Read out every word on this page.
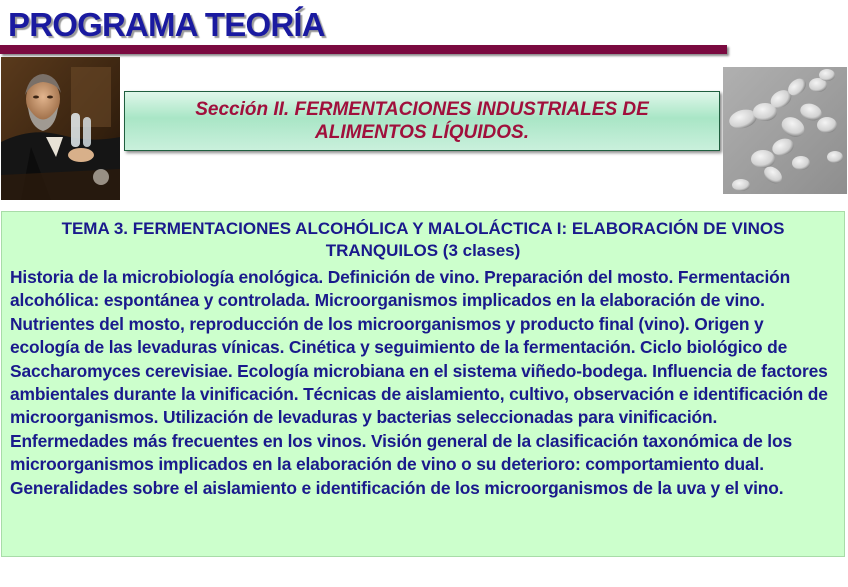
PROGRAMA TEORÍA
Sección II. FERMENTACIONES INDUSTRIALES DE ALIMENTOS LÍQUIDOS.
TEMA 3. FERMENTACIONES ALCOHÓLICA Y MALOLÁCTICA I: ELABORACIÓN DE VINOS TRANQUILOS (3 clases)
Historia de la microbiología enológica. Definición de vino. Preparación del mosto. Fermentación alcohólica: espontánea y controlada. Microorganismos implicados en la elaboración de vino. Nutrientes del mosto, reproducción de los microorganismos y producto final (vino). Origen y ecología de las levaduras vínicas. Cinética y seguimiento de la fermentación. Ciclo biológico de Saccharomyces cerevisiae. Ecología microbiana en el sistema viñedo-bodega. Influencia de factores ambientales durante la vinificación. Técnicas de aislamiento, cultivo, observación e identificación de microorganismos. Utilización de levaduras y bacterias seleccionadas para vinificación. Enfermedades más frecuentes en los vinos. Visión general de la clasificación taxonómica de los microorganismos implicados en la elaboración de vino o su deterioro: comportamiento dual. Generalidades sobre el aislamiento e identificación de los microorganismos de la uva y el vino.
